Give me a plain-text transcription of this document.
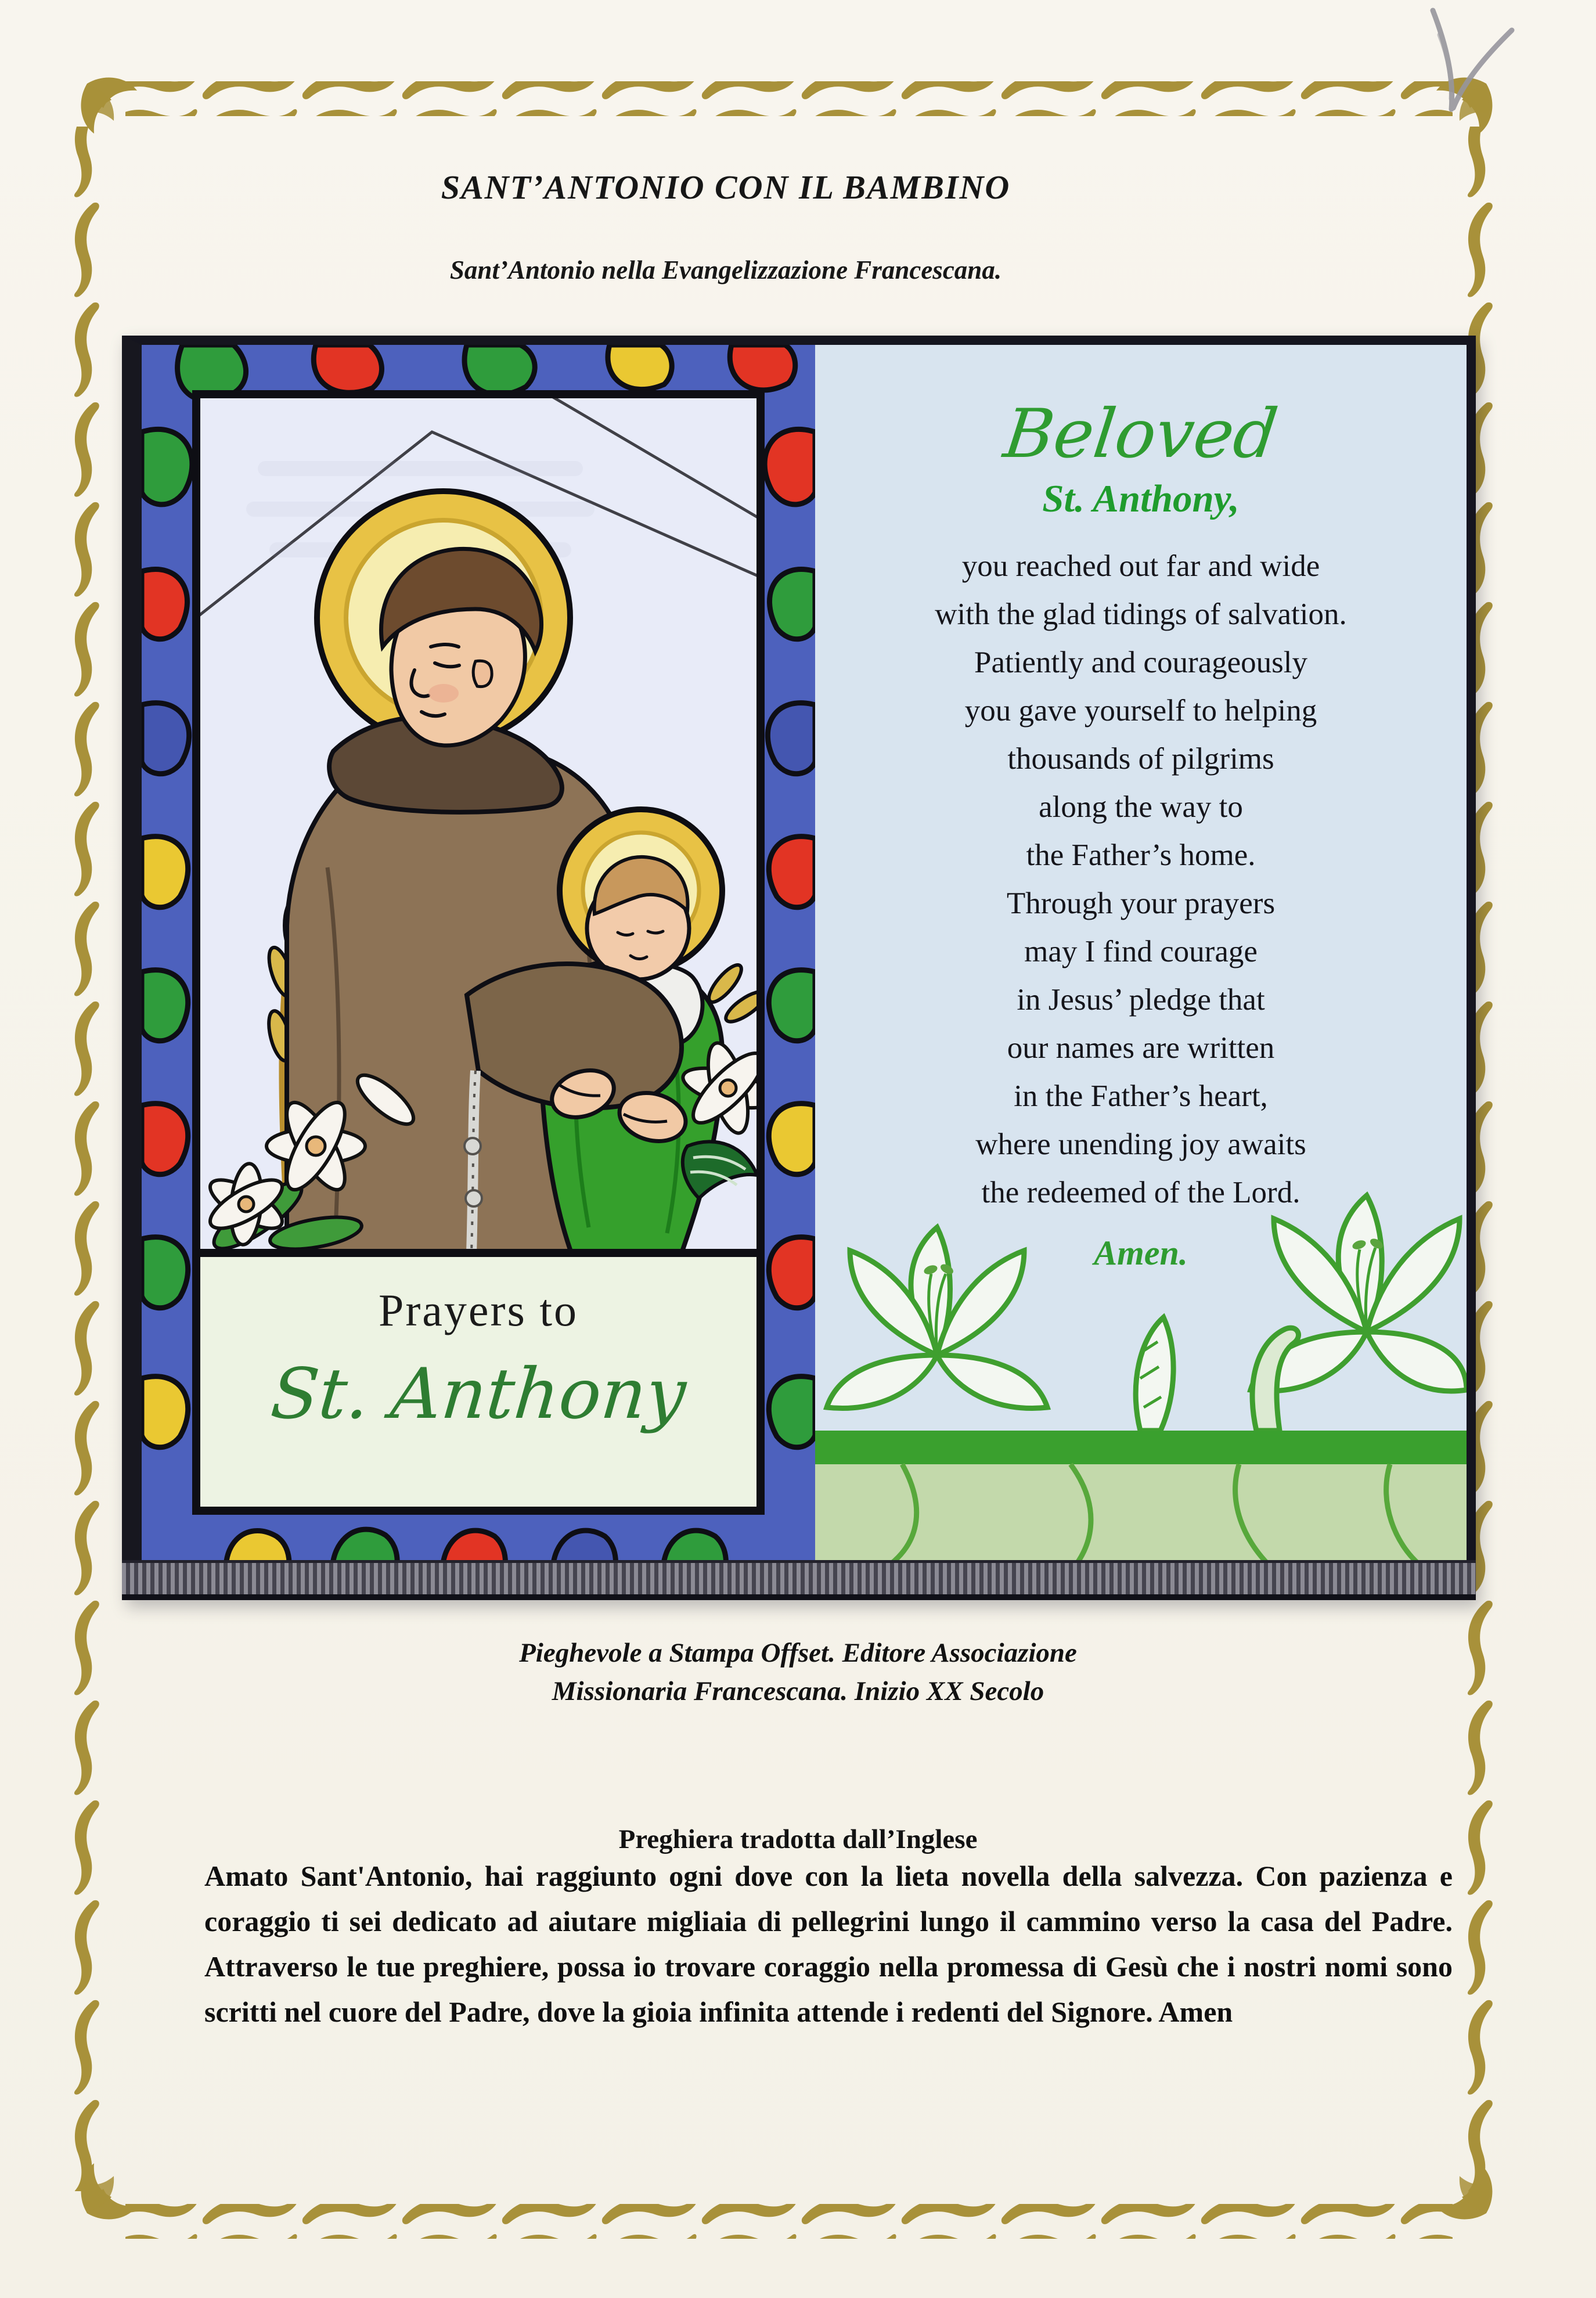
SANT’ANTONIO CON IL BAMBINO
Sant’Antonio nella Evangelizzazione Francescana.
Prayers to
St. Anthony
Beloved
St. Anthony,
you reached out far and wide
with the glad tidings of salvation.
Patiently and courageously
you gave yourself to helping
thousands of pilgrims
along the way to
the Father’s home.
Through your prayers
may I find courage
in Jesus’ pledge that
our names are written
in the Father’s heart,
where unending joy awaits
the redeemed of the Lord.
Amen.
Pieghevole a Stampa Offset. Editore Associazione
Missionaria Francescana. Inizio XX Secolo
Preghiera tradotta dall’Inglese

Amato Sant'Antonio, hai raggiunto ogni dove con la lieta novella della salvezza. Con pazienza e coraggio ti sei dedicato ad aiutare migliaia di pellegrini lungo il cammino verso la casa del Padre. Attraverso le tue preghiere, possa io trovare coraggio nella promessa di Gesù che i nostri nomi sono scritti nel cuore del Padre, dove la gioia infinita attende i redenti del Signore. Amen
